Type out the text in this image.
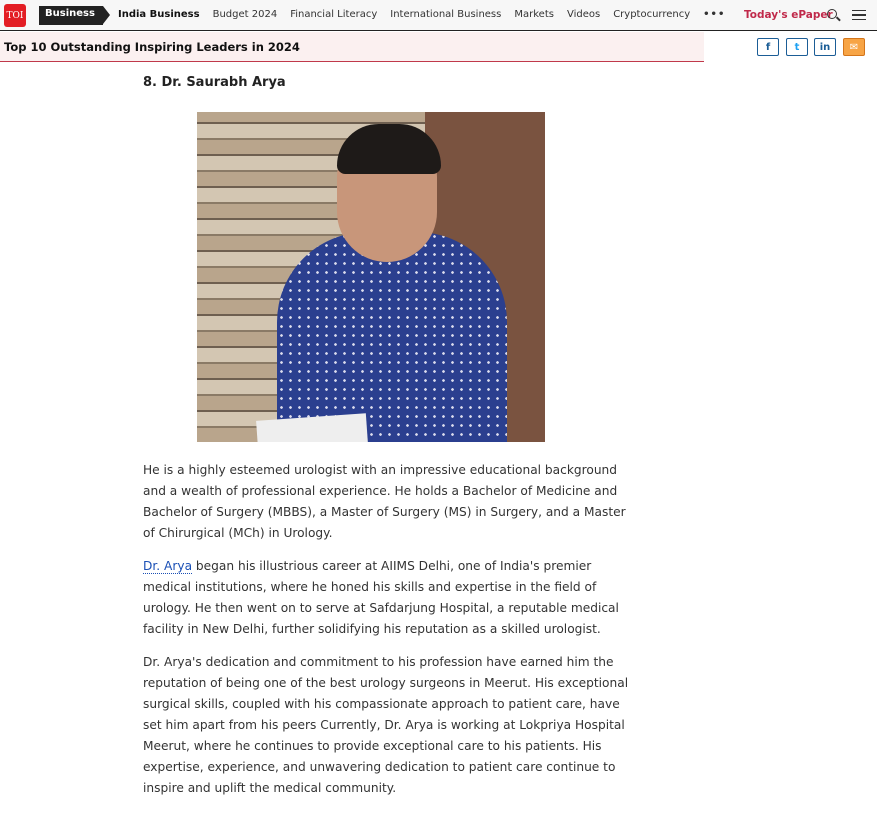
TOI	Business	India Business Budget 2024 Financial Literacy International Business Markets Videos Cryptocurrency ••• Today's ePaper
Top 10 Outstanding Inspiring Leaders in 2024	f	t	in	✉
8. Dr. Saurabh Arya

He is a highly esteemed urologist with an impressive educational background and a wealth of professional experience. He holds a Bachelor of Medicine and Bachelor of Surgery (MBBS), a Master of Surgery (MS) in Surgery, and a Master of Chirurgical (MCh) in Urology.

Dr. Arya began his illustrious career at AIIMS Delhi, one of India's premier medical institutions, where he honed his skills and expertise in the field of urology. He then went on to serve at Safdarjung Hospital, a reputable medical facility in New Delhi, further solidifying his reputation as a skilled urologist.

Dr. Arya's dedication and commitment to his profession have earned him the reputation of being one of the best urology surgeons in Meerut. His exceptional surgical skills, coupled with his compassionate approach to patient care, have set him apart from his peers Currently, Dr. Arya is working at Lokpriya Hospital Meerut, where he continues to provide exceptional care to his patients. His expertise, experience, and unwavering dedication to patient care continue to inspire and uplift the medical community.
